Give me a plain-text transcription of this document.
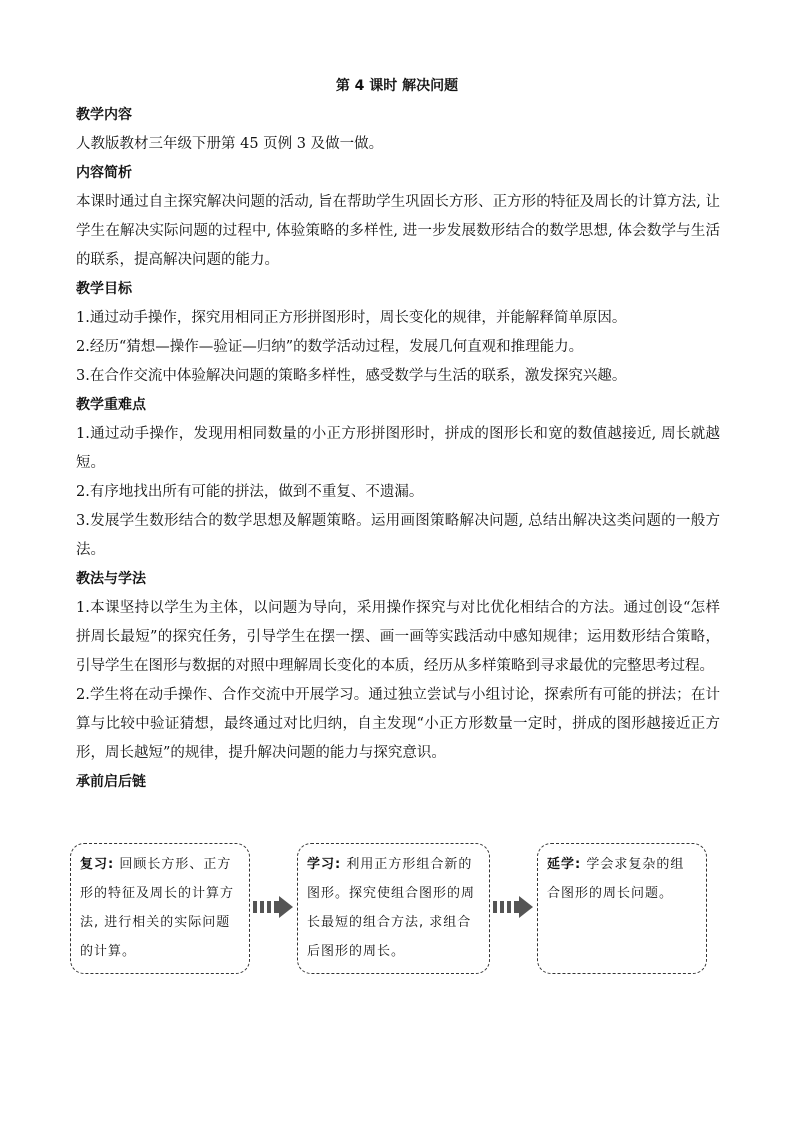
第 4 课时 解决问题
教学内容

人教版教材三年级下册第 45 页例 3 及做一做。

内容简析

本课时通过自主探究解决问题的活动, 旨在帮助学生巩固长方形、正方形的特征及周长的计算方法, 让学生在解决实际问题的过程中, 体验策略的多样性, 进一步发展数形结合的数学思想, 体会数学与生活的联系，提高解决问题的能力。

教学目标

1.通过动手操作，探究用相同正方形拼图形时，周长变化的规律，并能解释简单原因。

2.经历“猜想—操作—验证—归纳”的数学活动过程，发展几何直观和推理能力。

3.在合作交流中体验解决问题的策略多样性，感受数学与生活的联系，激发探究兴趣。

教学重难点

1.通过动手操作，发现用相同数量的小正方形拼图形时，拼成的图形长和宽的数值越接近, 周长就越短。

2.有序地找出所有可能的拼法，做到不重复、不遗漏。

3.发展学生数形结合的数学思想及解题策略。运用画图策略解决问题, 总结出解决这类问题的一般方法。

教法与学法

1.本课坚持以学生为主体，以问题为导向，采用操作探究与对比优化相结合的方法。通过创设“怎样拼周长最短”的探究任务，引导学生在摆一摆、画一画等实践活动中感知规律；运用数形结合策略，引导学生在图形与数据的对照中理解周长变化的本质，经历从多样策略到寻求最优的完整思考过程。

2.学生将在动手操作、合作交流中开展学习。通过独立尝试与小组讨论，探索所有可能的拼法；在计算与比较中验证猜想，最终通过对比归纳，自主发现“小正方形数量一定时，拼成的图形越接近正方形，周长越短”的规律，提升解决问题的能力与探究意识。

承前启后链
复习: 回顾长方形、正方形的特征及周长的计算方法, 进行相关的实际问题的计算。
学习: 利用正方形组合新的图形。探究使组合图形的周长最短的组合方法, 求组合后图形的周长。
延学: 学会求复杂的组合图形的周长问题。
